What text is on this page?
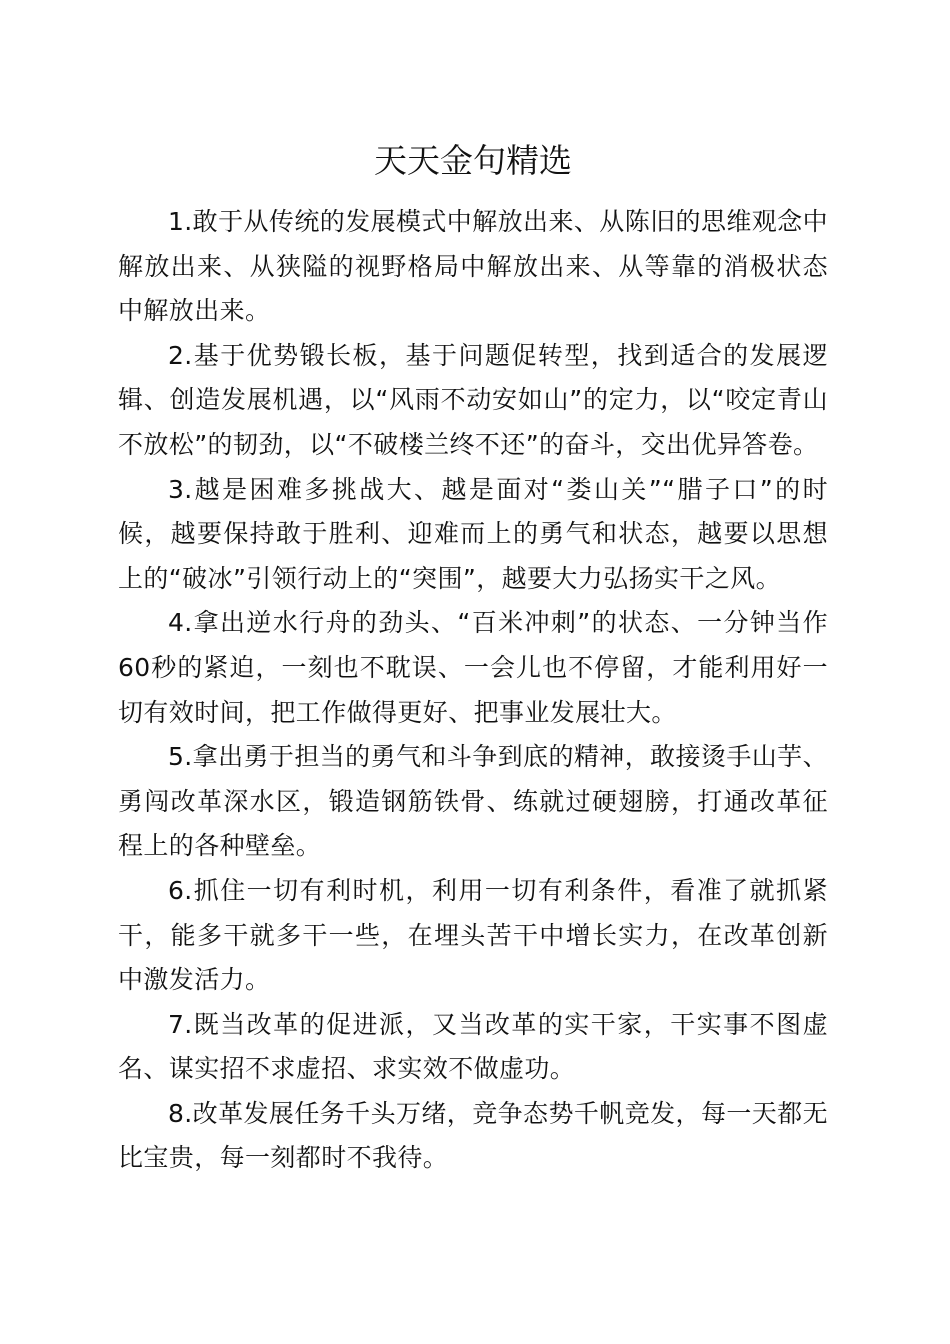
天天金句精选

1.敢于从传统的发展模式中解放出来、从陈旧的思维观念中解放出来、从狭隘的视野格局中解放出来、从等靠的消极状态中解放出来。

2.基于优势锻长板，基于问题促转型，找到适合的发展逻辑、创造发展机遇，以“风雨不动安如山”的定力，以“咬定青山不放松”的韧劲，以“不破楼兰终不还”的奋斗，交出优异答卷。

3.越是困难多挑战大、越是面对“娄山关”“腊子口”的时候，越要保持敢于胜利、迎难而上的勇气和状态，越要以思想上的“破冰”引领行动上的“突围”，越要大力弘扬实干之风。

4.拿出逆水行舟的劲头、“百米冲刺”的状态、一分钟当作60秒的紧迫，一刻也不耽误、一会儿也不停留，才能利用好一切有效时间，把工作做得更好、把事业发展壮大。

5.拿出勇于担当的勇气和斗争到底的精神，敢接烫手山芋、勇闯改革深水区，锻造钢筋铁骨、练就过硬翅膀，打通改革征程上的各种壁垒。

6.抓住一切有利时机，利用一切有利条件，看准了就抓紧干，能多干就多干一些，在埋头苦干中增长实力，在改革创新中激发活力。

7.既当改革的促进派，又当改革的实干家，干实事不图虚名、谋实招不求虚招、求实效不做虚功。

8.改革发展任务千头万绪，竞争态势千帆竞发，每一天都无比宝贵，每一刻都时不我待。
